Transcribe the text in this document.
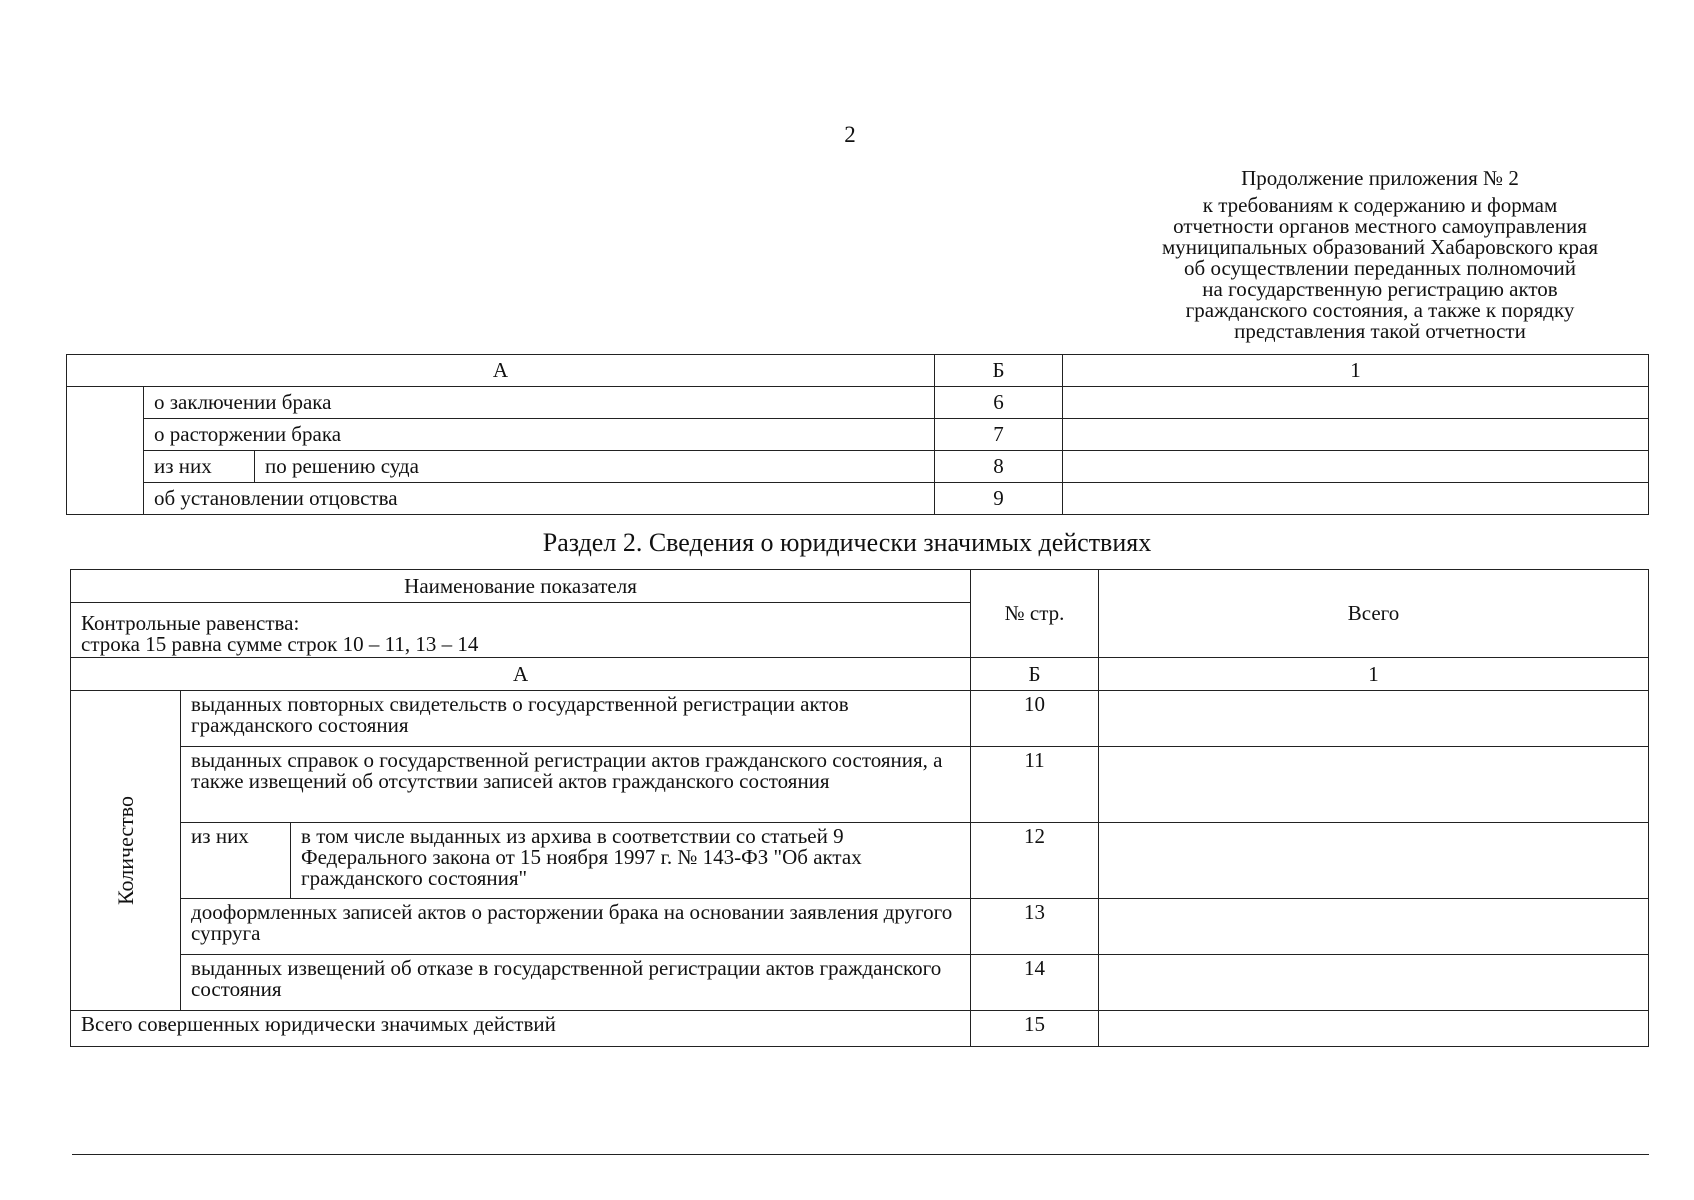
2
Продолжение приложения № 2
к требованиям к содержанию и формам
отчетности органов местного самоуправления
муниципальных образований Хабаровского края
об осуществлении переданных полномочий
на государственную регистрацию актов
гражданского состояния, а также к порядку
представления такой отчетности
А			Б	1
	о заключении брака		6	
	о расторжении брака		7	
	из них	по решению суда	8	
	об установлении отцовства		9	
Раздел 2. Сведения о юридически значимых действиях
Наименование показателя			№ стр.	Всего

Контрольные равенства:
строка 15 равна сумме строк 10 – 11, 13 – 14				

А			Б	1
Количество	выданных повторных свидетельств о государственной регистрации актов гражданского состояния		10	
	выданных справок о государственной регистрации актов гражданского состояния, а также извещений об отсутствии записей актов гражданского состояния		11	
	из них	в том числе выданных из архива в соответствии со статьей 9 Федерального закона от 15 ноября 1997 г. № 143-ФЗ "Об актах гражданского состояния"	12	
	дооформленных записей актов о расторжении брака на основании заявления другого супруга		13	
	выданных извещений об отказе в государственной регистрации актов гражданского состояния		14	
Всего совершенных юридически значимых действий			15	
